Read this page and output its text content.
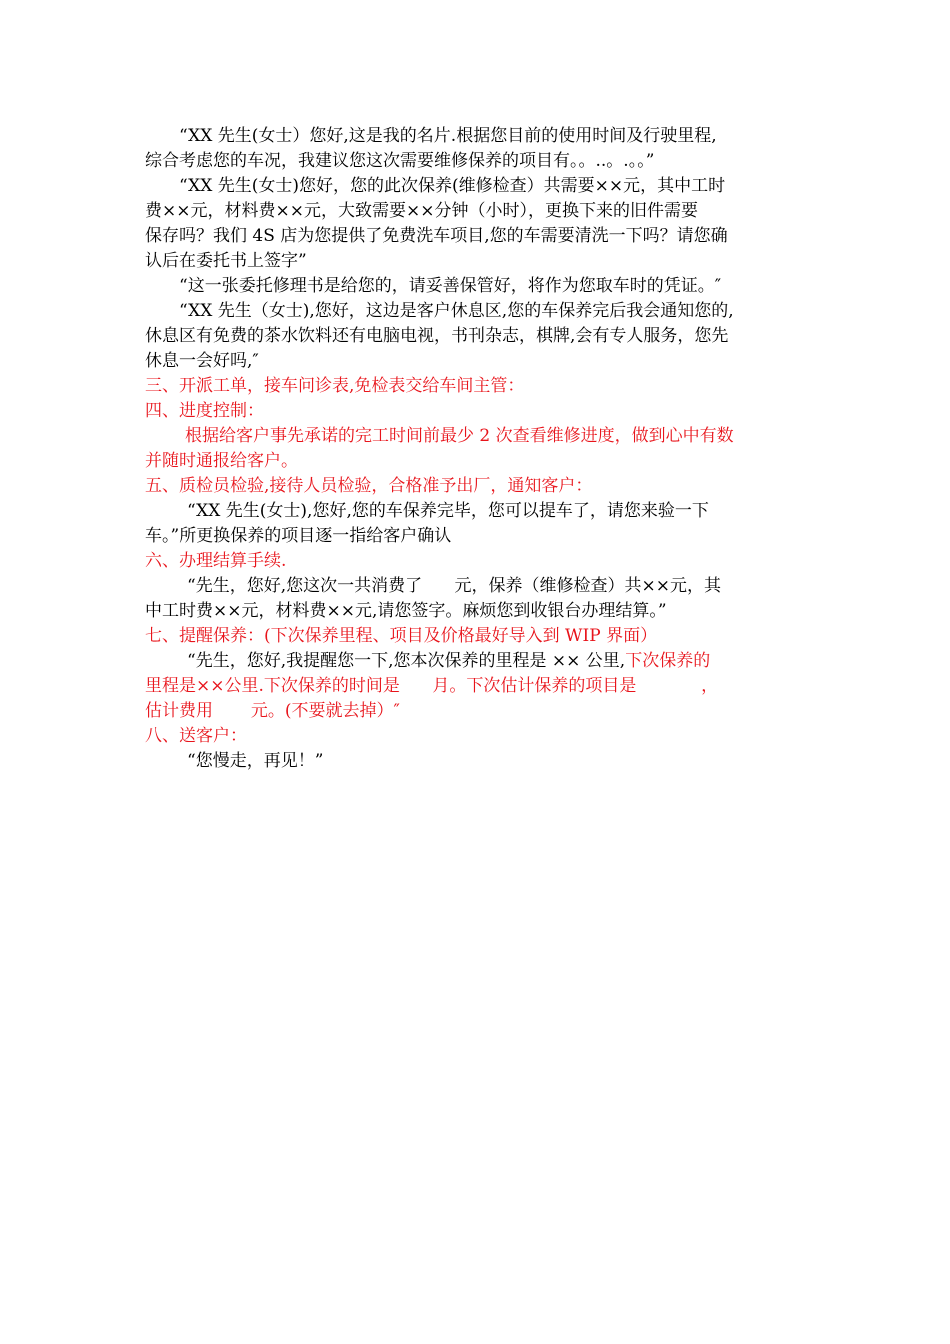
“XX 先生(女士）您好,这是我的名片.根据您目前的使用时间及行驶里程,
综合考虑您的车况，我建议您这次需要维修保养的项目有。。..。.。。”
“XX 先生(女士)您好，您的此次保养(维修检查）共需要××元，其中工时
费××元，材料费××元，大致需要××分钟（小时），更换下来的旧件需要
保存吗？我们 4S 店为您提供了免费洗车项目,您的车需要清洗一下吗？请您确
认后在委托书上签字”
“这一张委托修理书是给您的，请妥善保管好，将作为您取车时的凭证。″
“XX 先生（女士),您好，这边是客户休息区,您的车保养完后我会通知您的,
休息区有免费的茶水饮料还有电脑电视，书刊杂志，棋牌,会有专人服务，您先
休息一会好吗,″
三、开派工单，接车问诊表,免检表交给车间主管：
四、进度控制：
根据给客户事先承诺的完工时间前最少 2 次查看维修进度，做到心中有数
并随时通报给客户。
五、质检员检验,接待人员检验，合格准予出厂，通知客户：
“XX 先生(女士),您好,您的车保养完毕，您可以提车了，请您来验一下
车。”所更换保养的项目逐一指给客户确认
六、办理结算手续.
“先生，您好,您这次一共消费了      元，保养（维修检查）共××元，其
中工时费××元，材料费××元,请您签字。麻烦您到收银台办理结算。”
七、提醒保养：(下次保养里程、项目及价格最好导入到 WIP 界面）
“先生，您好,我提醒您一下,您本次保养的里程是 ×× 公里,下次保养的
里程是××公里.下次保养的时间是      月。下次估计保养的项目是            ，
估计费用       元。(不要就去掉）″
八、送客户：
“您慢走，再见！”
